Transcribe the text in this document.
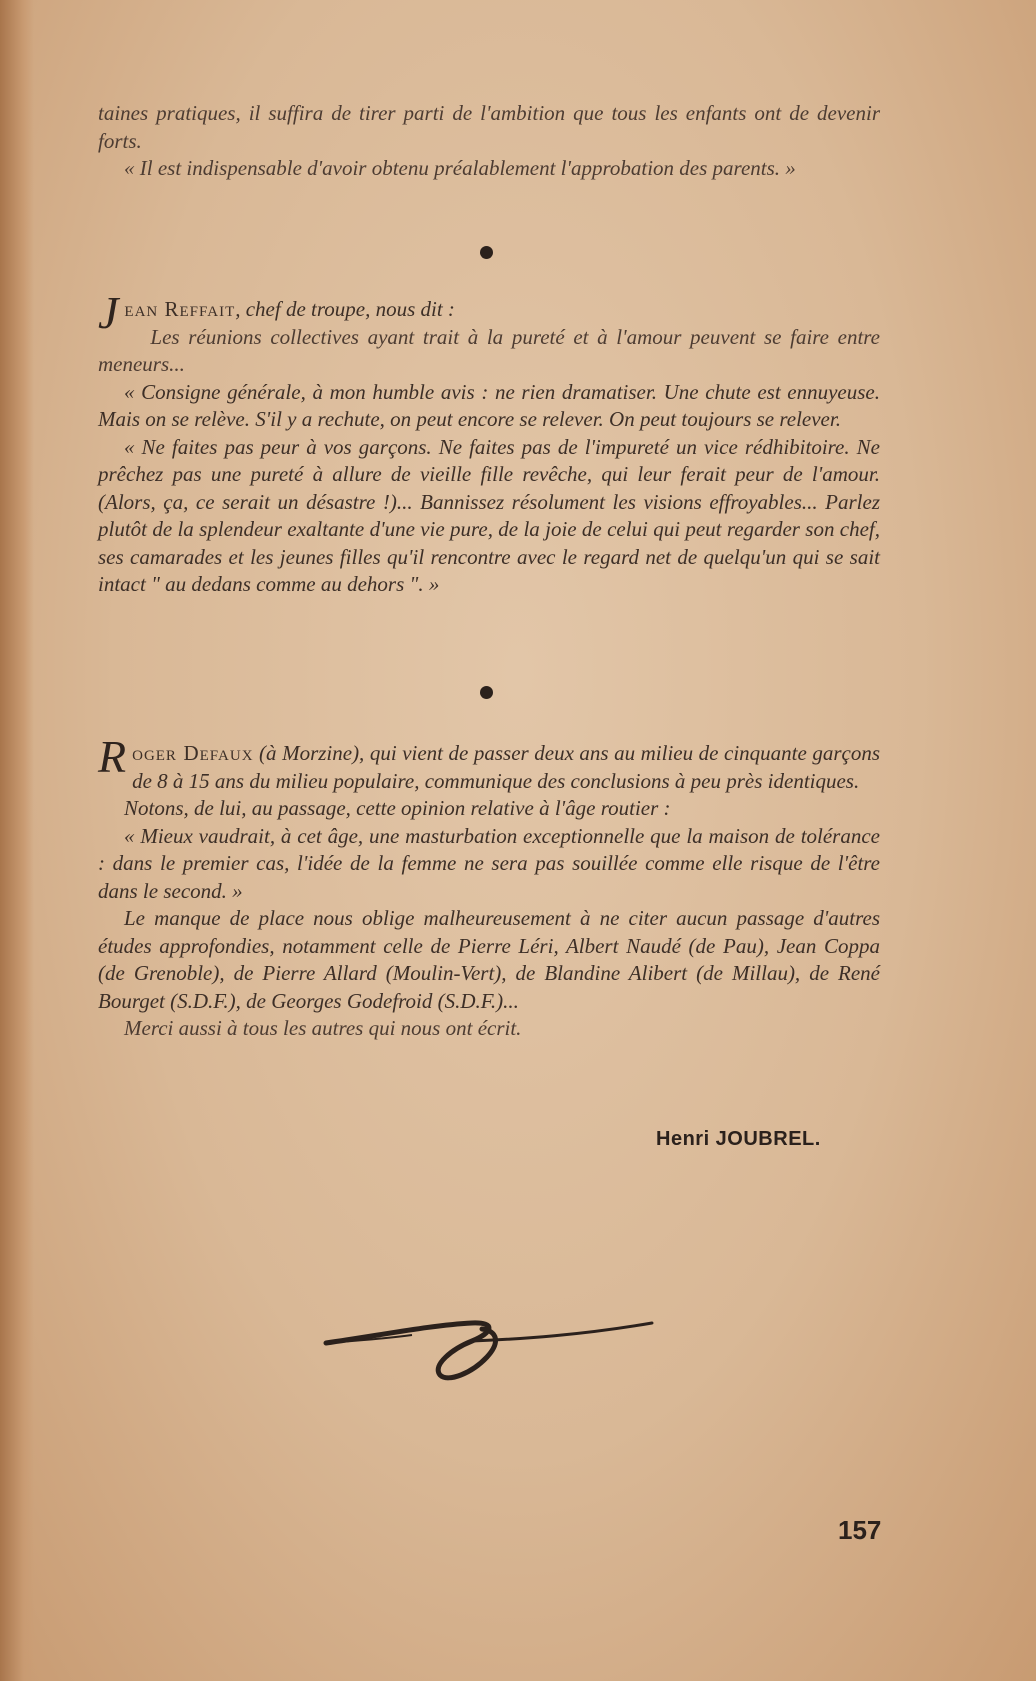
taines pratiques, il suffira de tirer parti de l'ambition que tous les enfants ont de devenir forts.

« Il est indispensable d'avoir obtenu préalablement l'approbation des parents. »

Jean Reffait, chef de troupe, nous dit :

Les réunions collectives ayant trait à la pureté et à l'amour peuvent se faire entre meneurs...

« Consigne générale, à mon humble avis : ne rien dramatiser. Une chute est ennuyeuse. Mais on se relève. S'il y a rechute, on peut encore se relever. On peut toujours se relever.

« Ne faites pas peur à vos garçons. Ne faites pas de l'impureté un vice rédhibitoire. Ne prêchez pas une pureté à allure de vieille fille revêche, qui leur ferait peur de l'amour. (Alors, ça, ce serait un désastre !)... Bannissez résolument les visions effroyables... Parlez plutôt de la splendeur exaltante d'une vie pure, de la joie de celui qui peut regarder son chef, ses camarades et les jeunes filles qu'il rencontre avec le regard net de quelqu'un qui se sait intact " au dedans comme au dehors ". »

Roger Defaux (à Morzine), qui vient de passer deux ans au milieu de cinquante garçons de 8 à 15 ans du milieu populaire, communique des conclusions à peu près identiques.

Notons, de lui, au passage, cette opinion relative à l'âge routier :

« Mieux vaudrait, à cet âge, une masturbation exceptionnelle que la maison de tolérance : dans le premier cas, l'idée de la femme ne sera pas souillée comme elle risque de l'être dans le second. »

Le manque de place nous oblige malheureusement à ne citer aucun passage d'autres études approfondies, notamment celle de Pierre Léri, Albert Naudé (de Pau), Jean Coppa (de Grenoble), de Pierre Allard (Moulin-Vert), de Blandine Alibert (de Millau), de René Bourget (S.D.F.), de Georges Godefroid (S.D.F.)...

Merci aussi à tous les autres qui nous ont écrit.

Henri JOUBREL.
157
